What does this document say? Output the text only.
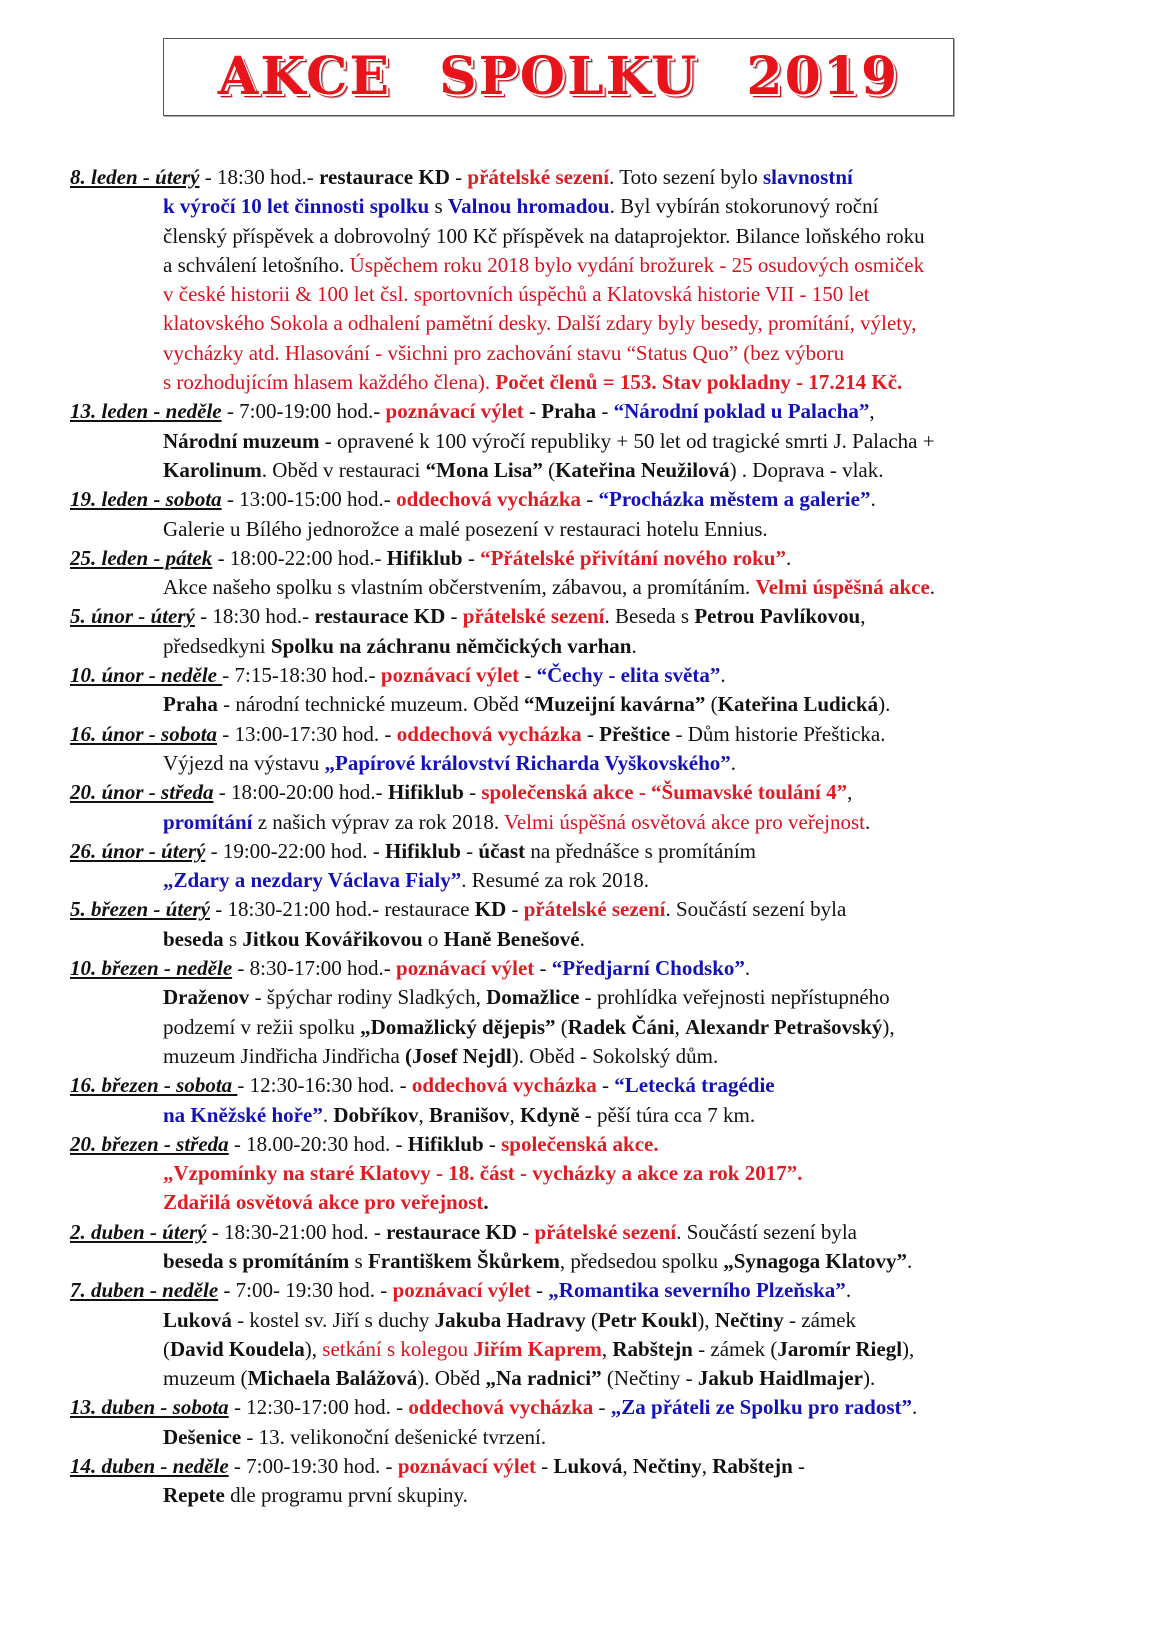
AKCE SPOLKU 2019
8. leden - úterý - 18:30 hod.- restaurace KD - přátelské sezení. Toto sezení bylo slavnostní
k výročí 10 let činnosti spolku s Valnou hromadou. Byl vybírán stokorunový roční
členský příspěvek a dobrovolný 100 Kč příspěvek na dataprojektor. Bilance loňského roku
a schválení letošního. Úspěchem roku 2018 bylo vydání brožurek - 25 osudových osmiček
v české historii & 100 let čsl. sportovních úspěchů a Klatovská historie VII - 150 let
klatovského Sokola a odhalení pamětní desky. Další zdary byly besedy, promítání, výlety,
vycházky atd. Hlasování - všichni pro zachování stavu “Status Quo” (bez výboru
s rozhodujícím hlasem každého člena). Počet členů = 153. Stav pokladny - 17.214 Kč.
13. leden - neděle - 7:00-19:00 hod.- poznávací výlet - Praha - “Národní poklad u Palacha”,
Národní muzeum - opravené k 100 výročí republiky + 50 let od tragické smrti J. Palacha +
Karolinum. Oběd v restauraci “Mona Lisa” (Kateřina Neužilová) . Doprava - vlak.
19. leden - sobota - 13:00-15:00 hod.- oddechová vycházka - “Procházka městem a galerie”.
Galerie u Bílého jednorožce a malé posezení v restauraci hotelu Ennius.
25. leden - pátek - 18:00-22:00 hod.- Hifiklub - “Přátelské přivítání nového roku”.
Akce našeho spolku s vlastním občerstvením, zábavou, a promítáním. Velmi úspěšná akce.
5. únor - úterý - 18:30 hod.- restaurace KD - přátelské sezení. Beseda s Petrou Pavlíkovou,
předsedkyni Spolku na záchranu němčických varhan.
10. únor - neděle - 7:15-18:30 hod.- poznávací výlet - “Čechy - elita světa”.
Praha - národní technické muzeum. Oběd “Muzeijní kavárna” (Kateřina Ludická).
16. únor - sobota - 13:00-17:30 hod. - oddechová vycházka - Přeštice - Dům historie Přešticka.
Výjezd na výstavu „Papírové království Richarda Vyškovského”.
20. únor - středa - 18:00-20:00 hod.- Hifiklub - společenská akce - “Šumavské toulání 4”,
promítání z našich výprav za rok 2018. Velmi úspěšná osvětová akce pro veřejnost.
26. únor - úterý - 19:00-22:00 hod. - Hifiklub - účast na přednášce s promítáním
„Zdary a nezdary Václava Fialy”. Resumé za rok 2018.
5. březen - úterý - 18:30-21:00 hod.- restaurace KD - přátelské sezení. Součástí sezení byla
beseda s Jitkou Kovářikovou o Haně Benešové.
10. březen - neděle - 8:30-17:00 hod.- poznávací výlet - “Předjarní Chodsko”.
Draženov - špýchar rodiny Sladkých, Domažlice - prohlídka veřejnosti nepřístupného
podzemí v režii spolku „Domažlický dějepis” (Radek Čáni, Alexandr Petrašovský),
muzeum Jindřicha Jindřicha (Josef Nejdl). Oběd - Sokolský dům.
16. březen - sobota - 12:30-16:30 hod. - oddechová vycházka - “Letecká tragédie
na Kněžské hoře”. Dobříkov, Branišov, Kdyně - pěší túra cca 7 km.
20. březen - středa - 18.00-20:30 hod. - Hifiklub - společenská akce.
„Vzpomínky na staré Klatovy - 18. část - vycházky a akce za rok 2017”.
Zdařilá osvětová akce pro veřejnost.
2. duben - úterý - 18:30-21:00 hod. - restaurace KD - přátelské sezení. Součástí sezení byla
beseda s promítáním s Františkem Škůrkem, předsedou spolku „Synagoga Klatovy”.
7. duben - neděle - 7:00- 19:30 hod. - poznávací výlet - „Romantika severního Plzeňska”.
Luková - kostel sv. Jiří s duchy Jakuba Hadravy (Petr Koukl), Nečtiny - zámek
(David Koudela), setkání s kolegou Jiřím Kaprem, Rabštejn - zámek (Jaromír Riegl),
muzeum (Michaela Balážová). Oběd „Na radnici” (Nečtiny - Jakub Haidlmajer).
13. duben - sobota - 12:30-17:00 hod. - oddechová vycházka - „Za přáteli ze Spolku pro radost”.
Dešenice - 13. velikonoční dešenické tvrzení.
14. duben - neděle - 7:00-19:30 hod. - poznávací výlet - Luková, Nečtiny, Rabštejn -
Repete dle programu první skupiny.
